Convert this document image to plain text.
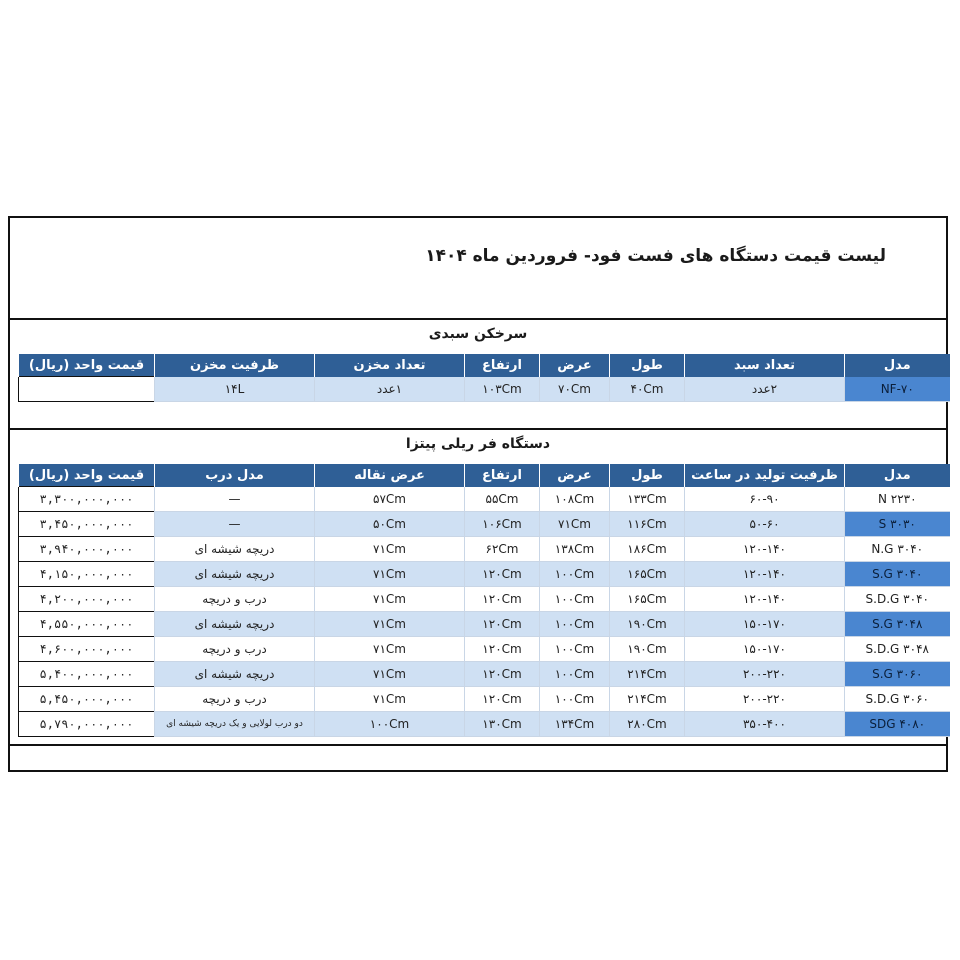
لیست قیمت دستگاه های فست فود- فروردین ماه ۱۴۰۴
سرخکن سبدی
مدل	تعداد سبد	طول	عرض	ارتفاع	تعداد مخزن	ظرفیت مخزن	قیمت واحد (ریال)
NF-۷۰	۲عدد	۴۰Cm	۷۰Cm	۱۰۳Cm	۱عدد	۱۴L	
دستگاه فر ریلی پیتزا
مدل	ظرفیت تولید در ساعت	طول	عرض	ارتفاع	عرض نقاله	مدل درب	قیمت واحد (ریال)
۲۲۳۰ N	۶۰-۹۰	۱۳۳Cm	۱۰۸Cm	۵۵Cm	۵۷Cm	—	۳,۳۰۰,۰۰۰,۰۰۰
۳۰۳۰ S	۵۰-۶۰	۱۱۶Cm	۷۱Cm	۱۰۶Cm	۵۰Cm	—	۳,۴۵۰,۰۰۰,۰۰۰
۳۰۴۰ N.G	۱۲۰-۱۴۰	۱۸۶Cm	۱۳۸Cm	۶۲Cm	۷۱Cm	دریچه شیشه ای	۳,۹۴۰,۰۰۰,۰۰۰
۳۰۴۰ S.G	۱۲۰-۱۴۰	۱۶۵Cm	۱۰۰Cm	۱۲۰Cm	۷۱Cm	دریچه شیشه ای	۴,۱۵۰,۰۰۰,۰۰۰
۳۰۴۰ S.D.G	۱۲۰-۱۴۰	۱۶۵Cm	۱۰۰Cm	۱۲۰Cm	۷۱Cm	درب و دریچه	۴,۲۰۰,۰۰۰,۰۰۰
۳۰۴۸ S.G	۱۵۰-۱۷۰	۱۹۰Cm	۱۰۰Cm	۱۲۰Cm	۷۱Cm	دریچه شیشه ای	۴,۵۵۰,۰۰۰,۰۰۰
۳۰۴۸ S.D.G	۱۵۰-۱۷۰	۱۹۰Cm	۱۰۰Cm	۱۲۰Cm	۷۱Cm	درب و دریچه	۴,۶۰۰,۰۰۰,۰۰۰
۳۰۶۰ S.G	۲۰۰-۲۲۰	۲۱۴Cm	۱۰۰Cm	۱۲۰Cm	۷۱Cm	دریچه شیشه ای	۵,۴۰۰,۰۰۰,۰۰۰
۳۰۶۰ S.D.G	۲۰۰-۲۲۰	۲۱۴Cm	۱۰۰Cm	۱۲۰Cm	۷۱Cm	درب و دریچه	۵,۴۵۰,۰۰۰,۰۰۰
۴۰۸۰ SDG	۳۵۰-۴۰۰	۲۸۰Cm	۱۳۴Cm	۱۳۰Cm	۱۰۰Cm	دو درب لولایی و یک دریچه شیشه ای	۵,۷۹۰,۰۰۰,۰۰۰
